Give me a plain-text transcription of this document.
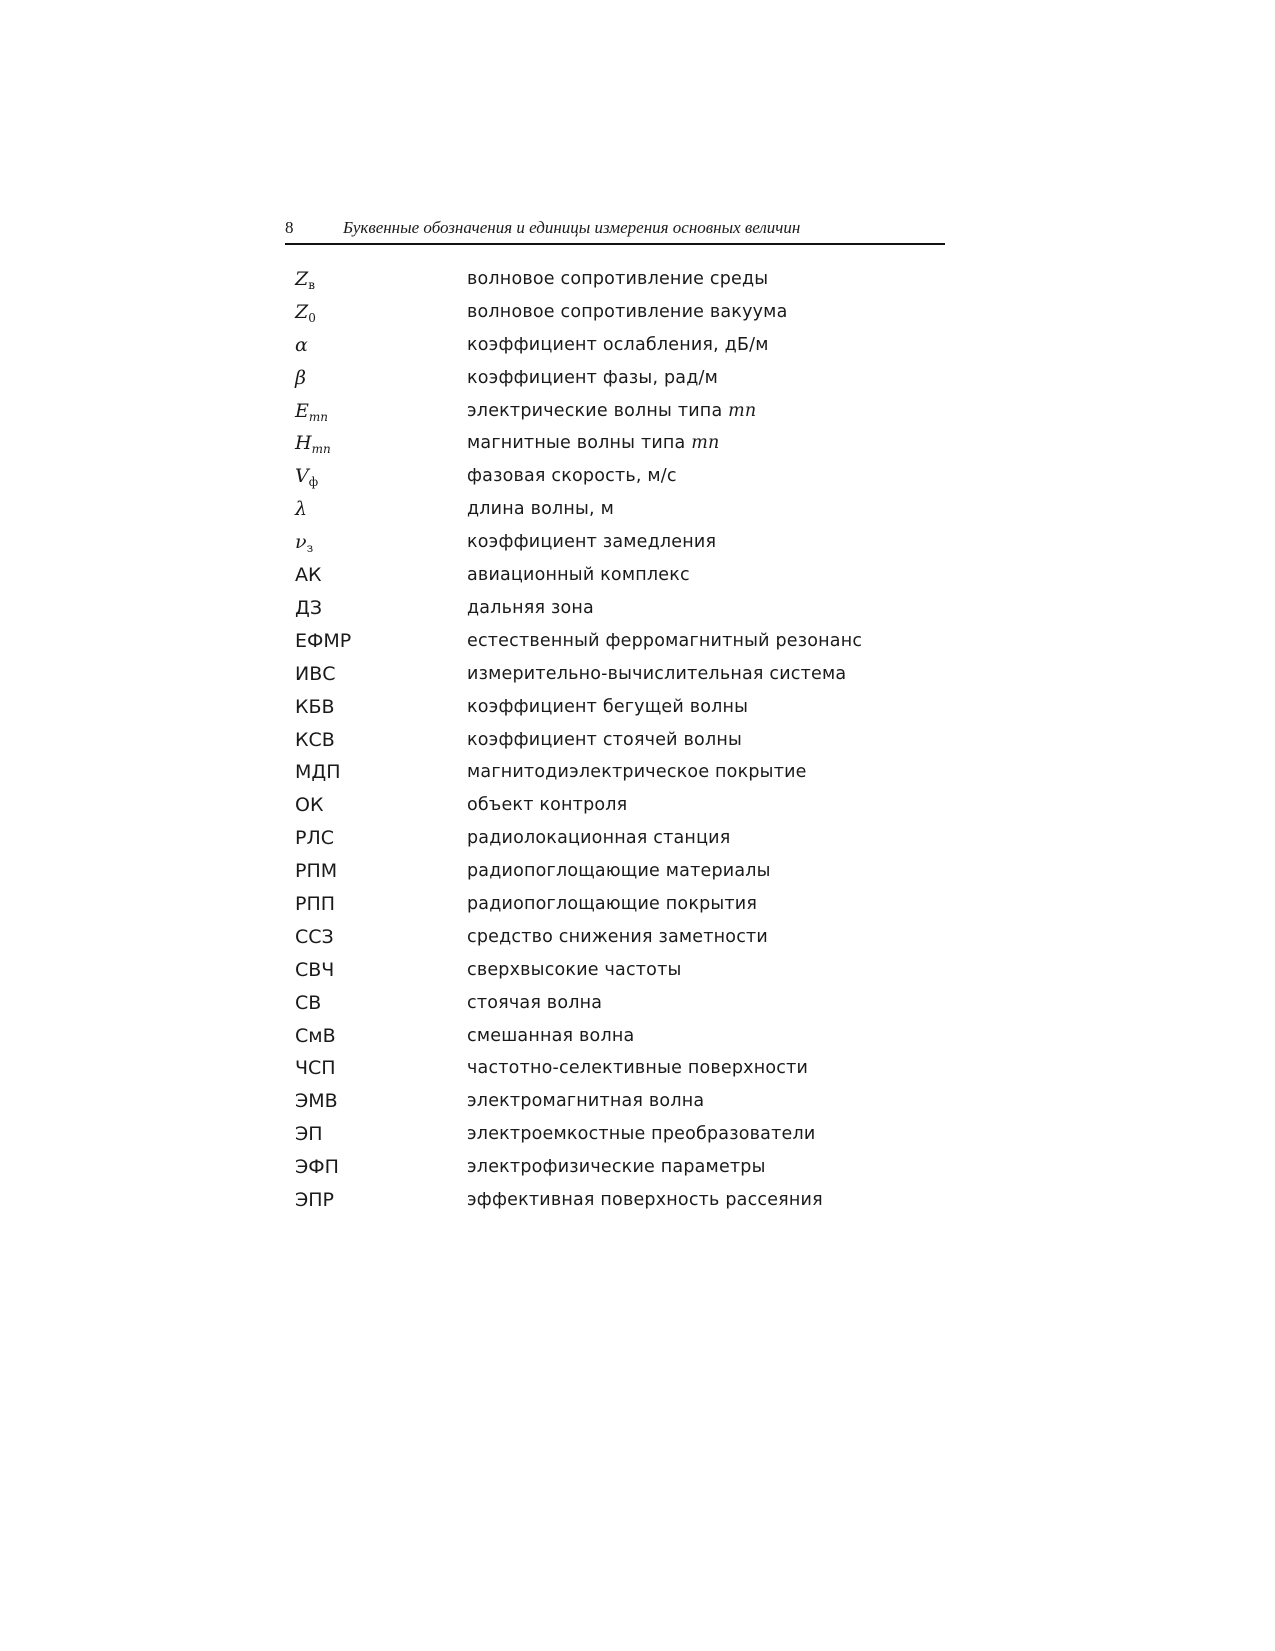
8	Буквенные обозначения и единицы измерения основных величин
$Z_в$	волновое сопротивление среды
$Z_0$	волновое сопротивление вакуума
α	коэффициент ослабления, дБ/м
β	коэффициент фазы, рад/м
$E_{mn}$	электрические волны типа mn
$H_{mn}$	магнитные волны типа mn
$V_ф$	фазовая скорость, м/с
λ	длина волны, м
$\nu_з$	коэффициент замедления
АК	авиационный комплекс
ДЗ	дальняя зона
ЕФМР	естественный ферромагнитный резонанс
ИВС	измерительно-вычислительная система
КБВ	коэффициент бегущей волны
КСВ	коэффициент стоячей волны
МДП	магнитодиэлектрическое покрытие
ОК	объект контроля
РЛС	радиолокационная станция
РПМ	радиопоглощающие материалы
РПП	радиопоглощающие покрытия
ССЗ	средство снижения заметности
СВЧ	сверхвысокие частоты
СВ	стоячая волна
СмВ	смешанная волна
ЧСП	частотно-селективные поверхности
ЭМВ	электромагнитная волна
ЭП	электроемкостные преобразователи
ЭФП	электрофизические параметры
ЭПР	эффективная поверхность рассеяния
